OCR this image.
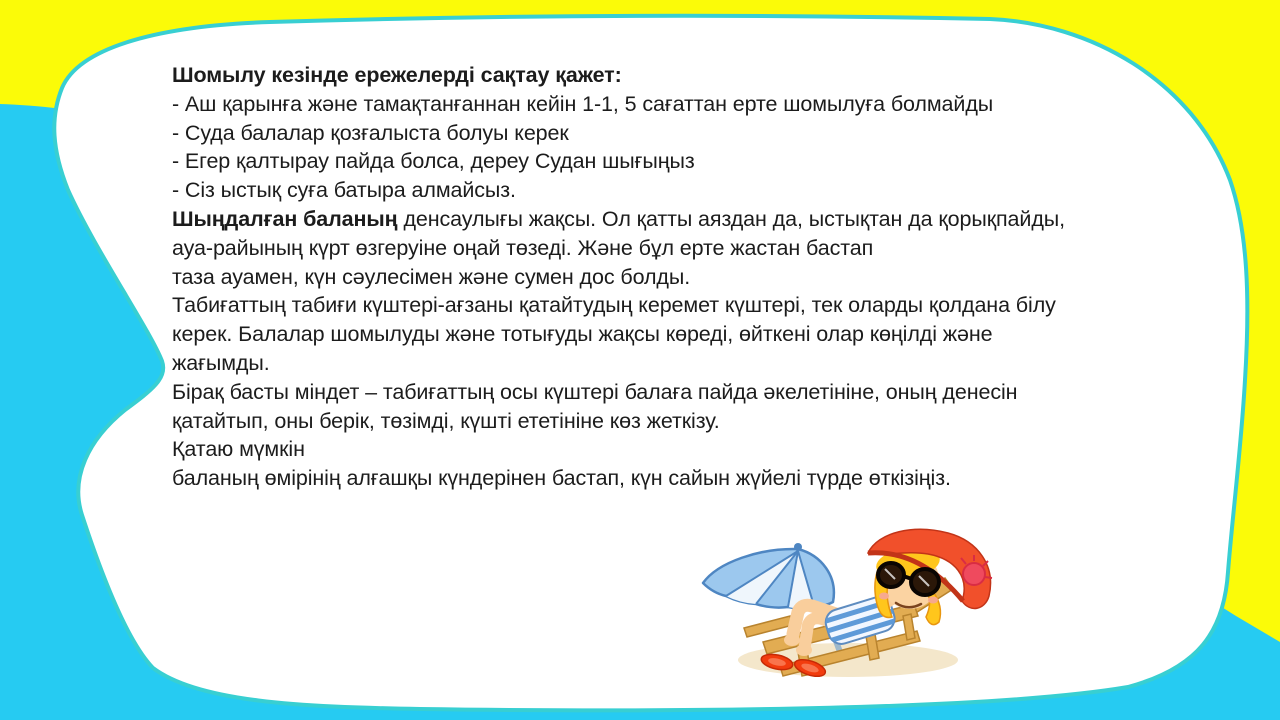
Шомылу кезінде ережелерді сақтау қажет:
- Аш қарынға және тамақтанғаннан кейін 1-1, 5 сағаттан ерте шомылуға болмайды
- Суда балалар қозғалыста болуы керек
- Егер қалтырау пайда болса, дереу Судан шығыңыз
- Сіз ыстық суға батыра алмайсыз.
Шыңдалған баланың денсаулығы жақсы. Ол қатты аяздан да, ыстықтан да қорықпайды,
ауа-райының күрт өзгеруіне оңай төзеді. Және бұл ерте жастан бастап
таза ауамен, күн сәулесімен және сумен дос болды.
Табиғаттың табиғи күштері-ағзаны қатайтудың керемет күштері, тек оларды қолдана білу
керек. Балалар шомылуды және тотығуды жақсы көреді, өйткені олар көңілді және
жағымды.
Бірақ басты міндет – табиғаттың осы күштері балаға пайда әкелетініне, оның денесін
қатайтып, оны берік, төзімді, күшті ететініне көз жеткізу.
Қатаю мүмкін
баланың өмірінің алғашқы күндерінен бастап, күн сайын жүйелі түрде өткізіңіз.
